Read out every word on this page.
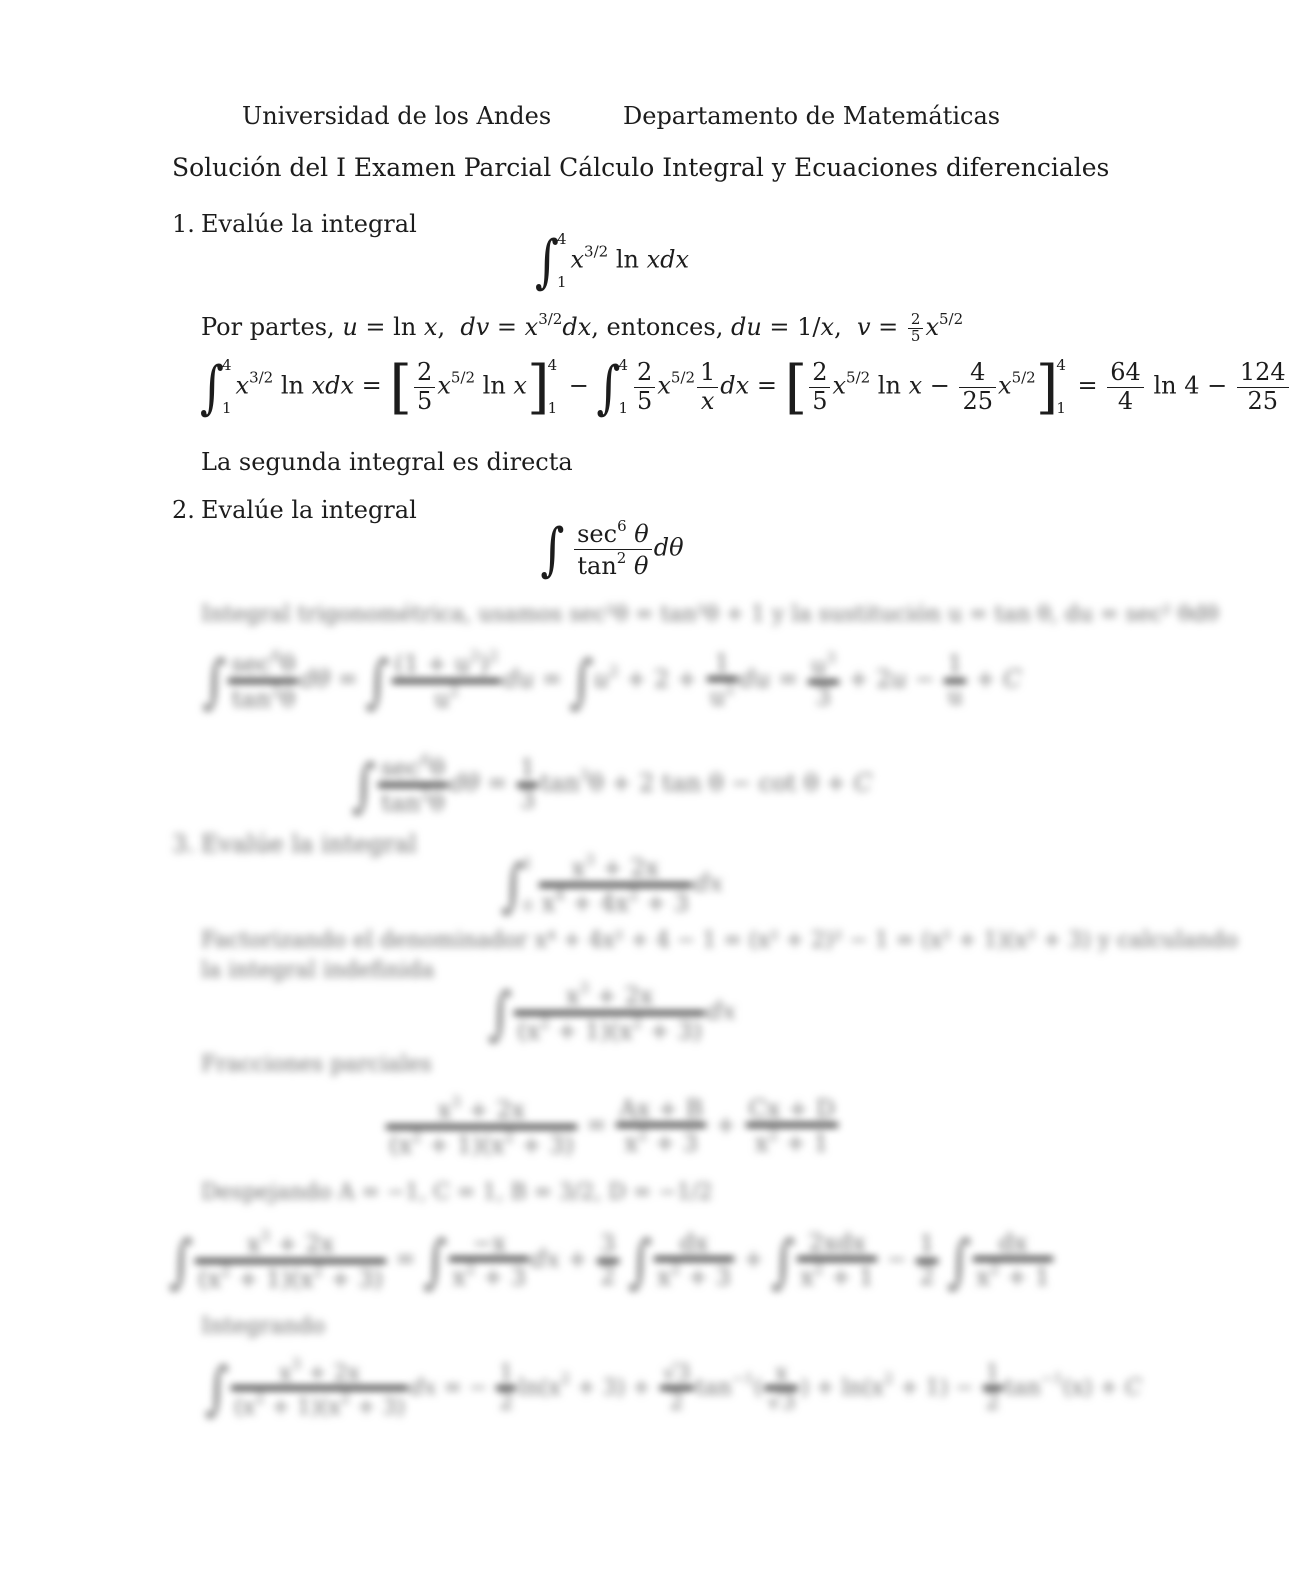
Universidad de los Andes	Departamento de Matemáticas
Solución del I Examen Parcial Cálculo Integral y Ecuaciones diferenciales
1. Evalúe la integral
∫
4
1
$x^{3/2}$ ln xdx
Por partes, u = ln x,  dv = $x^{3/2}dx$, entonces, du = 1/x,  $v = \frac{2}{5} x^{5/2}$
∫
4
1
$x^{3/2}$ ln xdx = [ $\frac{2}{5} x^{5/2}$ ln x]
4
1
− ∫
4
$1 \frac{2}{5} x^{5/2} \frac{1}{x}$ dx = [ $\frac{2}{5} x^{5/2}$ $\ln x - \frac{4}{25} x^{5/2}$]
4
1
= $\frac{64}{4}$ $\ln 4 - \frac{124}{25}$
La segunda integral es directa
2. Evalúe la integral
∫ $\frac{\sec^6 \theta}{\tan^2 \theta}$ dθ
Integral trigonométrica, usamos sec²θ = tan²θ + 1 y la sustitución u = tan θ, du = sec² θdθ
∫ $\frac{\sec^6\theta}{\tan^2\theta}$ dθ = ∫ $\frac{(1 + u^2)^2}{u^2}$ du = $\int u^2 + 2 + \frac{1}{u^2}$ du = $\frac{u^3}{3} + 2u - \frac{1}{u} + C$
∫ $\frac{\sec^6\theta}{\tan^2\theta}$ $d\theta = \frac{1}{3} \tan^3\theta + 2$ tan θ − cot θ + C
3. Evalúe la integral
∫
1
$0 \frac{x^3 + 2x}{x^4 + 4x^2 + 3}$ dx
Factorizando el denominador x⁴ + 4x² + 4 − 1 = (x² + 2)² − 1 = (x² + 1)(x² + 3) y calculando
la integral indefinida
∫ $\frac{x^3 + 2x}{(x^2 + 1)(x^2 + 3)}$ dx
Fracciones parciales
$\frac{x^3 + 2x}{(x^2 + 1)(x^2 + 3)} = \frac{Ax + B}{x^2 + 3} + \frac{Cx + D}{x^2 + 1}$
Despejando A = −1, C = 1, B = 3/2, D = −1/2
∫ $\frac{x^3 + 2x}{(x^2 + 1)(x^2 + 3)}$ = ∫ $\frac{-x}{x^2 + 3}$ dx + $\frac{3}{2}$ ∫ $\frac{dx}{x^2 + 3}$ + ∫ $\frac{\text{2xdx}}{x^2 + 1} - \frac{1}{2}$ ∫ $\frac{dx}{x^2 + 1}$
Integrando
∫ $\frac{x^3 + 2x}{(x^2 + 1)(x^2 + 3)}$ dx = − $\frac{1}{2} \ln(x^2 + 3) + \frac{√3}{2} \tan^{-1}( \frac{x}{√3}$ ) + $\ln(x^2 + 1) - \frac{1}{2} \tan^{-1}(x) + C$
